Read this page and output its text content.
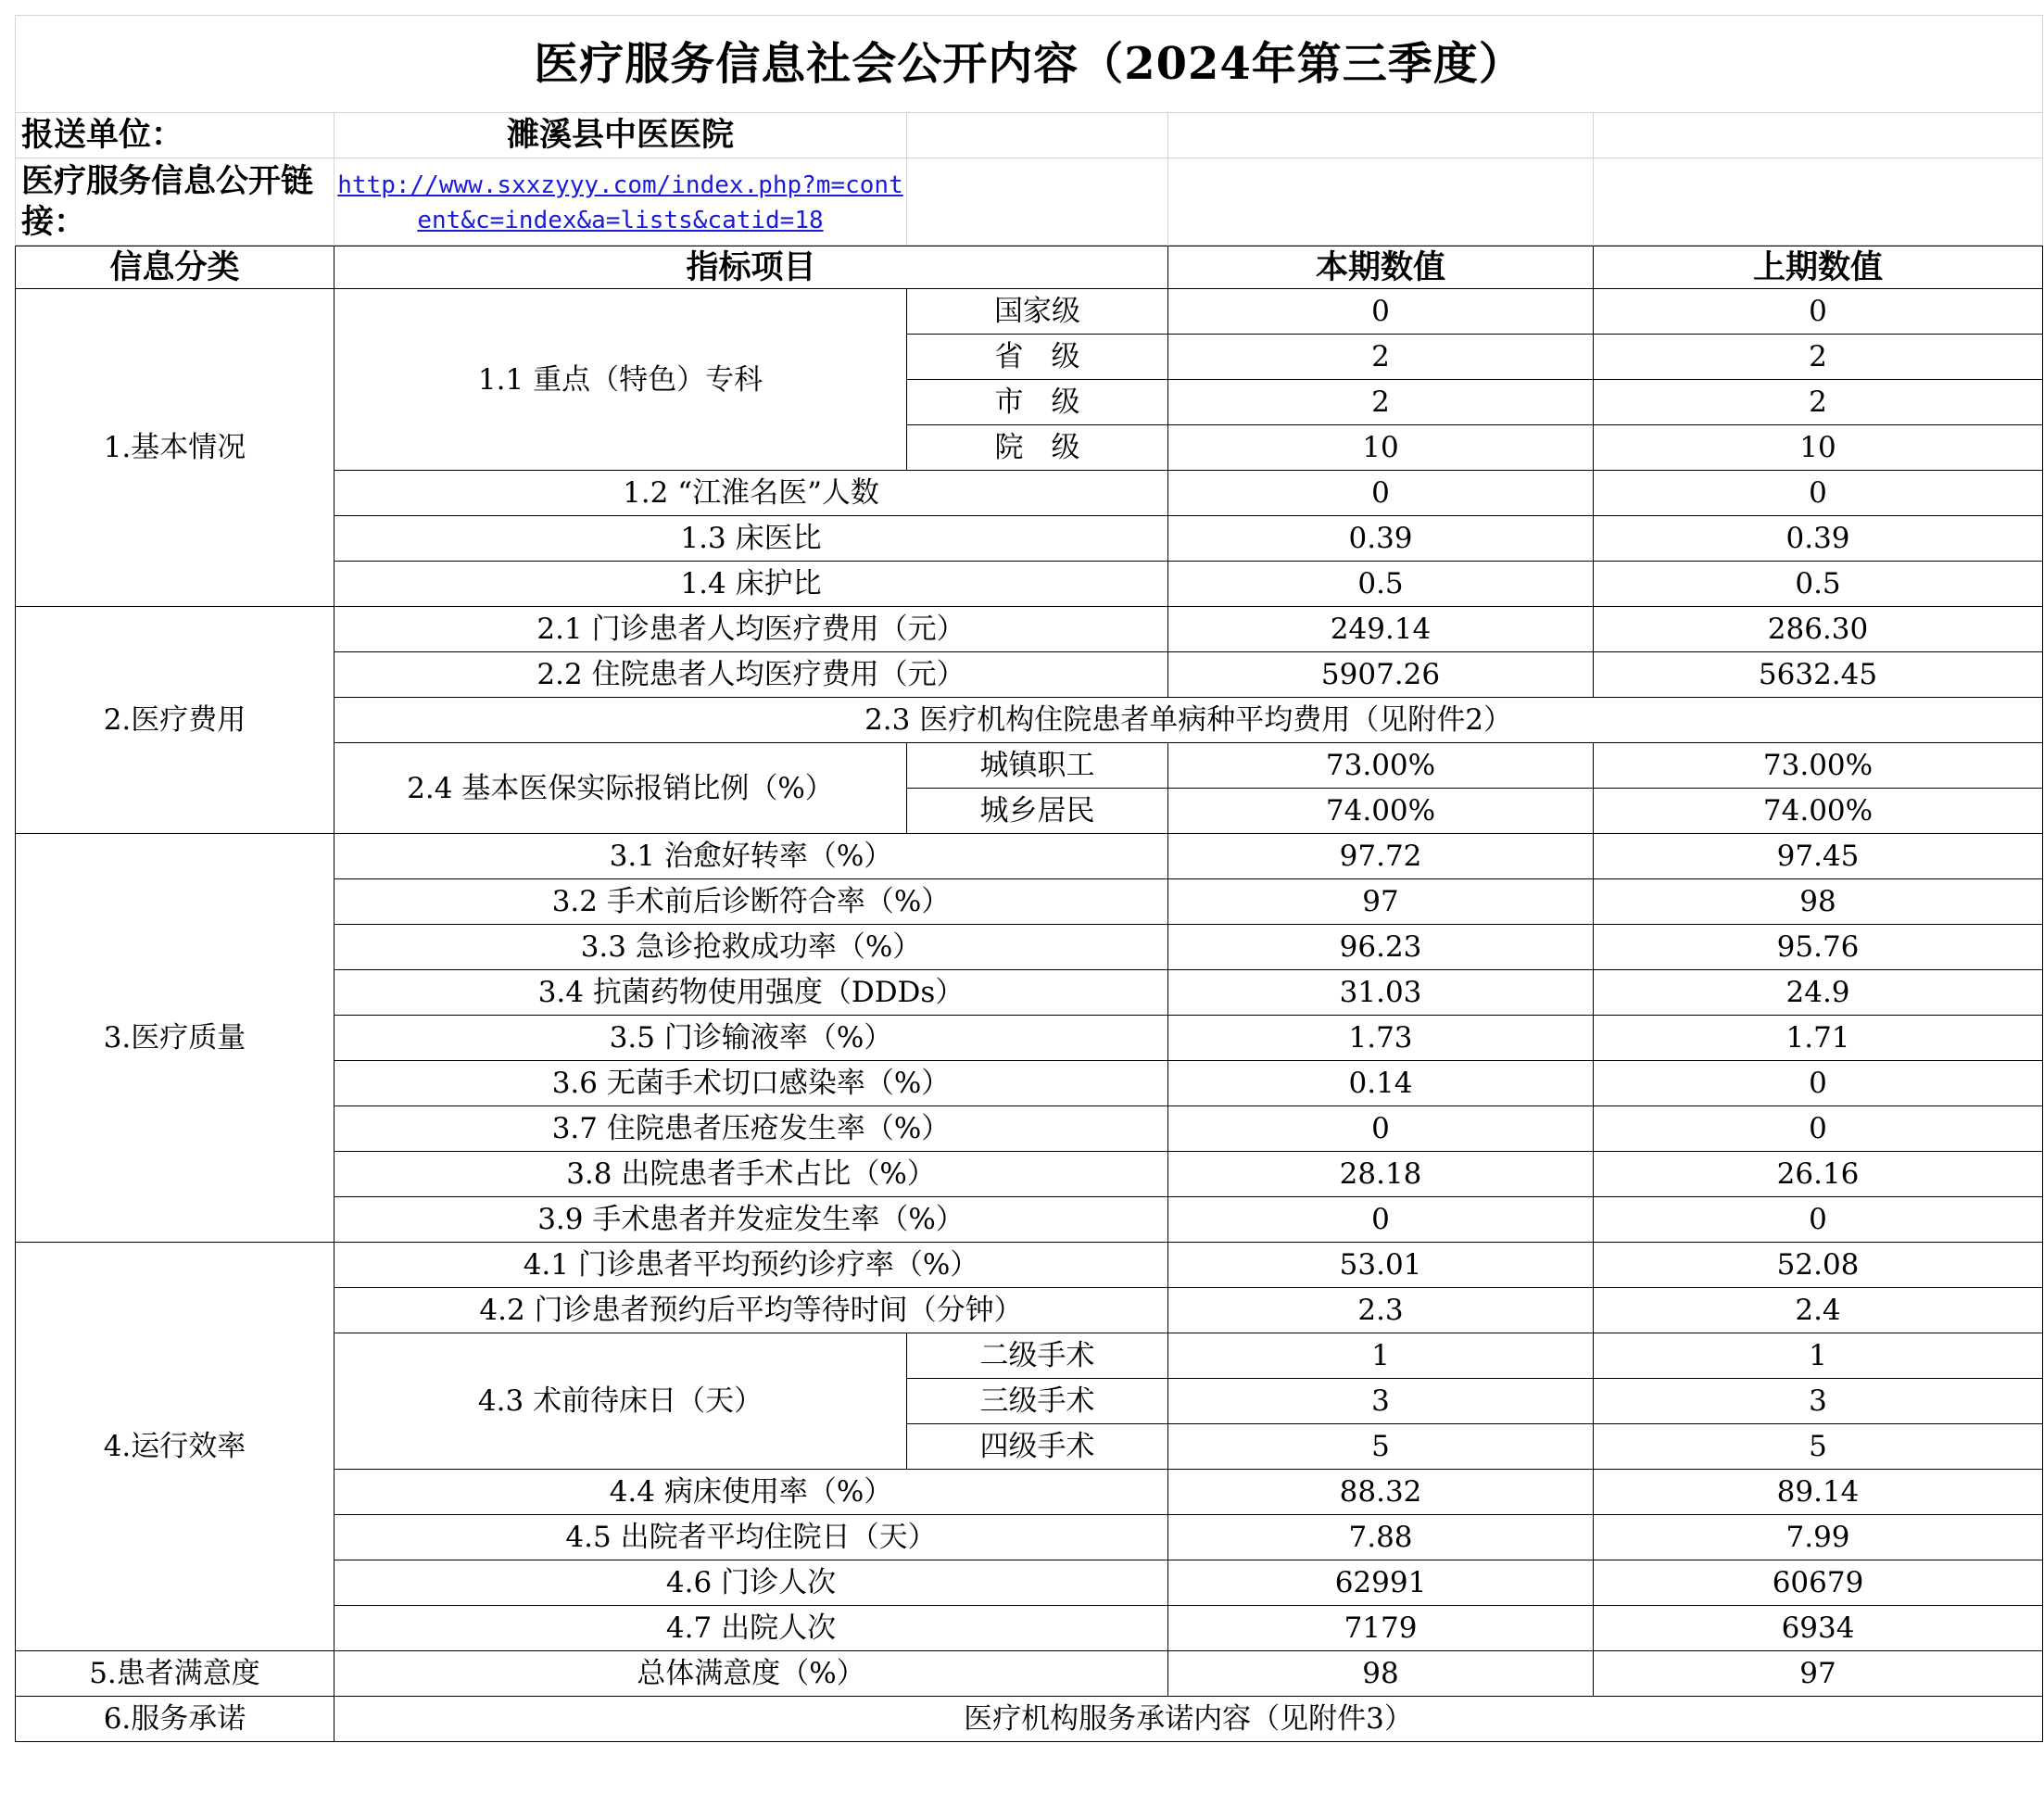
医疗服务信息社会公开内容（2024年第三季度）				
报送单位：	濉溪县中医医院			
医疗服务信息公开链接：	http://www.sxxzyyy.com/index.php?m=content&c=index&a=lists&catid=18			
信息分类	指标项目		本期数值	上期数值
1.基本情况	1.1 重点（特色）专科	国家级	0	0
		省级	2	2
		市级	2	2
		院级	10	10
	1.2 “江淮名医”人数		0	0
	1.3 床医比		0.39	0.39
	1.4 床护比		0.5	0.5
2.医疗费用	2.1 门诊患者人均医疗费用（元）		249.14	286.30
	2.2 住院患者人均医疗费用（元）		5907.26	5632.45
	2.3 医疗机构住院患者单病种平均费用（见附件2）			
	2.4 基本医保实际报销比例（%）	城镇职工	73.00%	73.00%
		城乡居民	74.00%	74.00%
3.医疗质量	3.1 治愈好转率（%）		97.72	97.45
	3.2 手术前后诊断符合率（%）		97	98
	3.3 急诊抢救成功率（%）		96.23	95.76
	3.4 抗菌药物使用强度（DDDs）		31.03	24.9
	3.5 门诊输液率（%）		1.73	1.71
	3.6 无菌手术切口感染率（%）		0.14	0
	3.7 住院患者压疮发生率（%）		0	0
	3.8 出院患者手术占比（%）		28.18	26.16
	3.9 手术患者并发症发生率（%）		0	0
4.运行效率	4.1 门诊患者平均预约诊疗率（%）		53.01	52.08
	4.2 门诊患者预约后平均等待时间（分钟）		2.3	2.4
	4.3 术前待床日（天）	二级手术	1	1
		三级手术	3	3
		四级手术	5	5
	4.4 病床使用率（%）		88.32	89.14
	4.5 出院者平均住院日（天）		7.88	7.99
	4.6 门诊人次		62991	60679
	4.7 出院人次		7179	6934
5.患者满意度	总体满意度（%）		98	97
6.服务承诺	医疗机构服务承诺内容（见附件3）			
